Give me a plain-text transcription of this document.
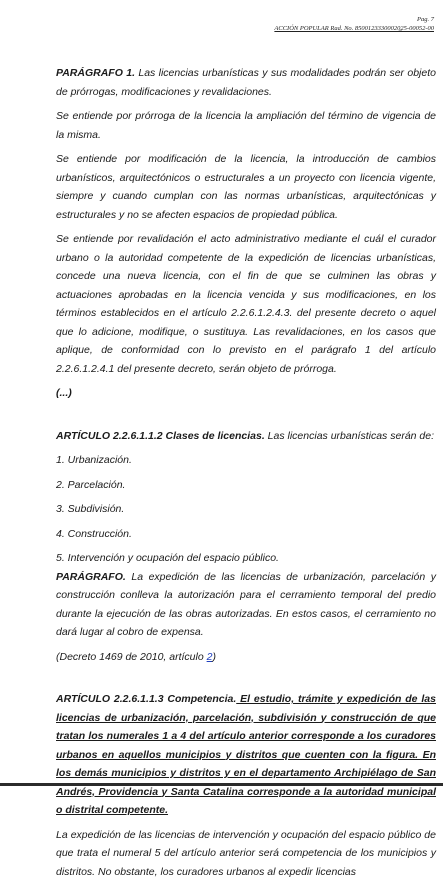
Pag. 7
ACCIÓN POPULAR Rad. No. 85001233300020̲25-00052-00

PARÁGRAFO 1. Las licencias urbanísticas y sus modalidades podrán ser objeto de prórrogas, modificaciones y revalidaciones.

Se entiende por prórroga de la licencia la ampliación del término de vigencia de la misma.

Se entiende por modificación de la licencia, la introducción de cambios urbanísticos, arquitectónicos o estructurales a un proyecto con licencia vigente, siempre y cuando cumplan con las normas urbanísticas, arquitectónicas y estructurales y no se afecten espacios de propiedad pública.

Se entiende por revalidación el acto administrativo mediante el cuál el curador urbano o la autoridad competente de la expedición de licencias urbanísticas, concede una nueva licencia, con el fin de que se culminen las obras y actuaciones aprobadas en la licencia vencida y sus modificaciones, en los términos establecidos en el artículo 2.2.6.1.2.4.3. del presente decreto o aquel que lo adicione, modifique, o sustituya. Las revalidaciones, en los casos que aplique, de conformidad con lo previsto en el parágrafo 1 del artículo 2.2.6.1.2.4.1 del presente decreto, serán objeto de prórroga.

(...)

ARTÍCULO 2.2.6.1.1.2 Clases de licencias. Las licencias urbanísticas serán de:

1. Urbanización.

2. Parcelación.

3. Subdivisión.

4. Construcción.

5. Intervención y ocupación del espacio público.

PARÁGRAFO. La expedición de las licencias de urbanización, parcelación y construcción conlleva la autorización para el cerramiento temporal del predio durante la ejecución de las obras autorizadas. En estos casos, el cerramiento no dará lugar al cobro de expensa.

(Decreto 1469 de 2010, artículo 2)

ARTÍCULO 2.2.6.1.1.3 Competencia. El estudio, trámite y expedición de las licencias de urbanización, parcelación, subdivisión y construcción de que tratan los numerales 1 a 4 del artículo anterior corresponde a los curadores urbanos en aquellos municipios y distritos que cuenten con la figura. En los demás municipios y distritos y en el departamento Archipiélago de San Andrés, Providencia y Santa Catalina corresponde a la autoridad municipal o distrital competente.

La expedición de las licencias de intervención y ocupación del espacio público de que trata el numeral 5 del artículo anterior será competencia de los municipios y distritos. No obstante, los curadores urbanos al expedir licencias
